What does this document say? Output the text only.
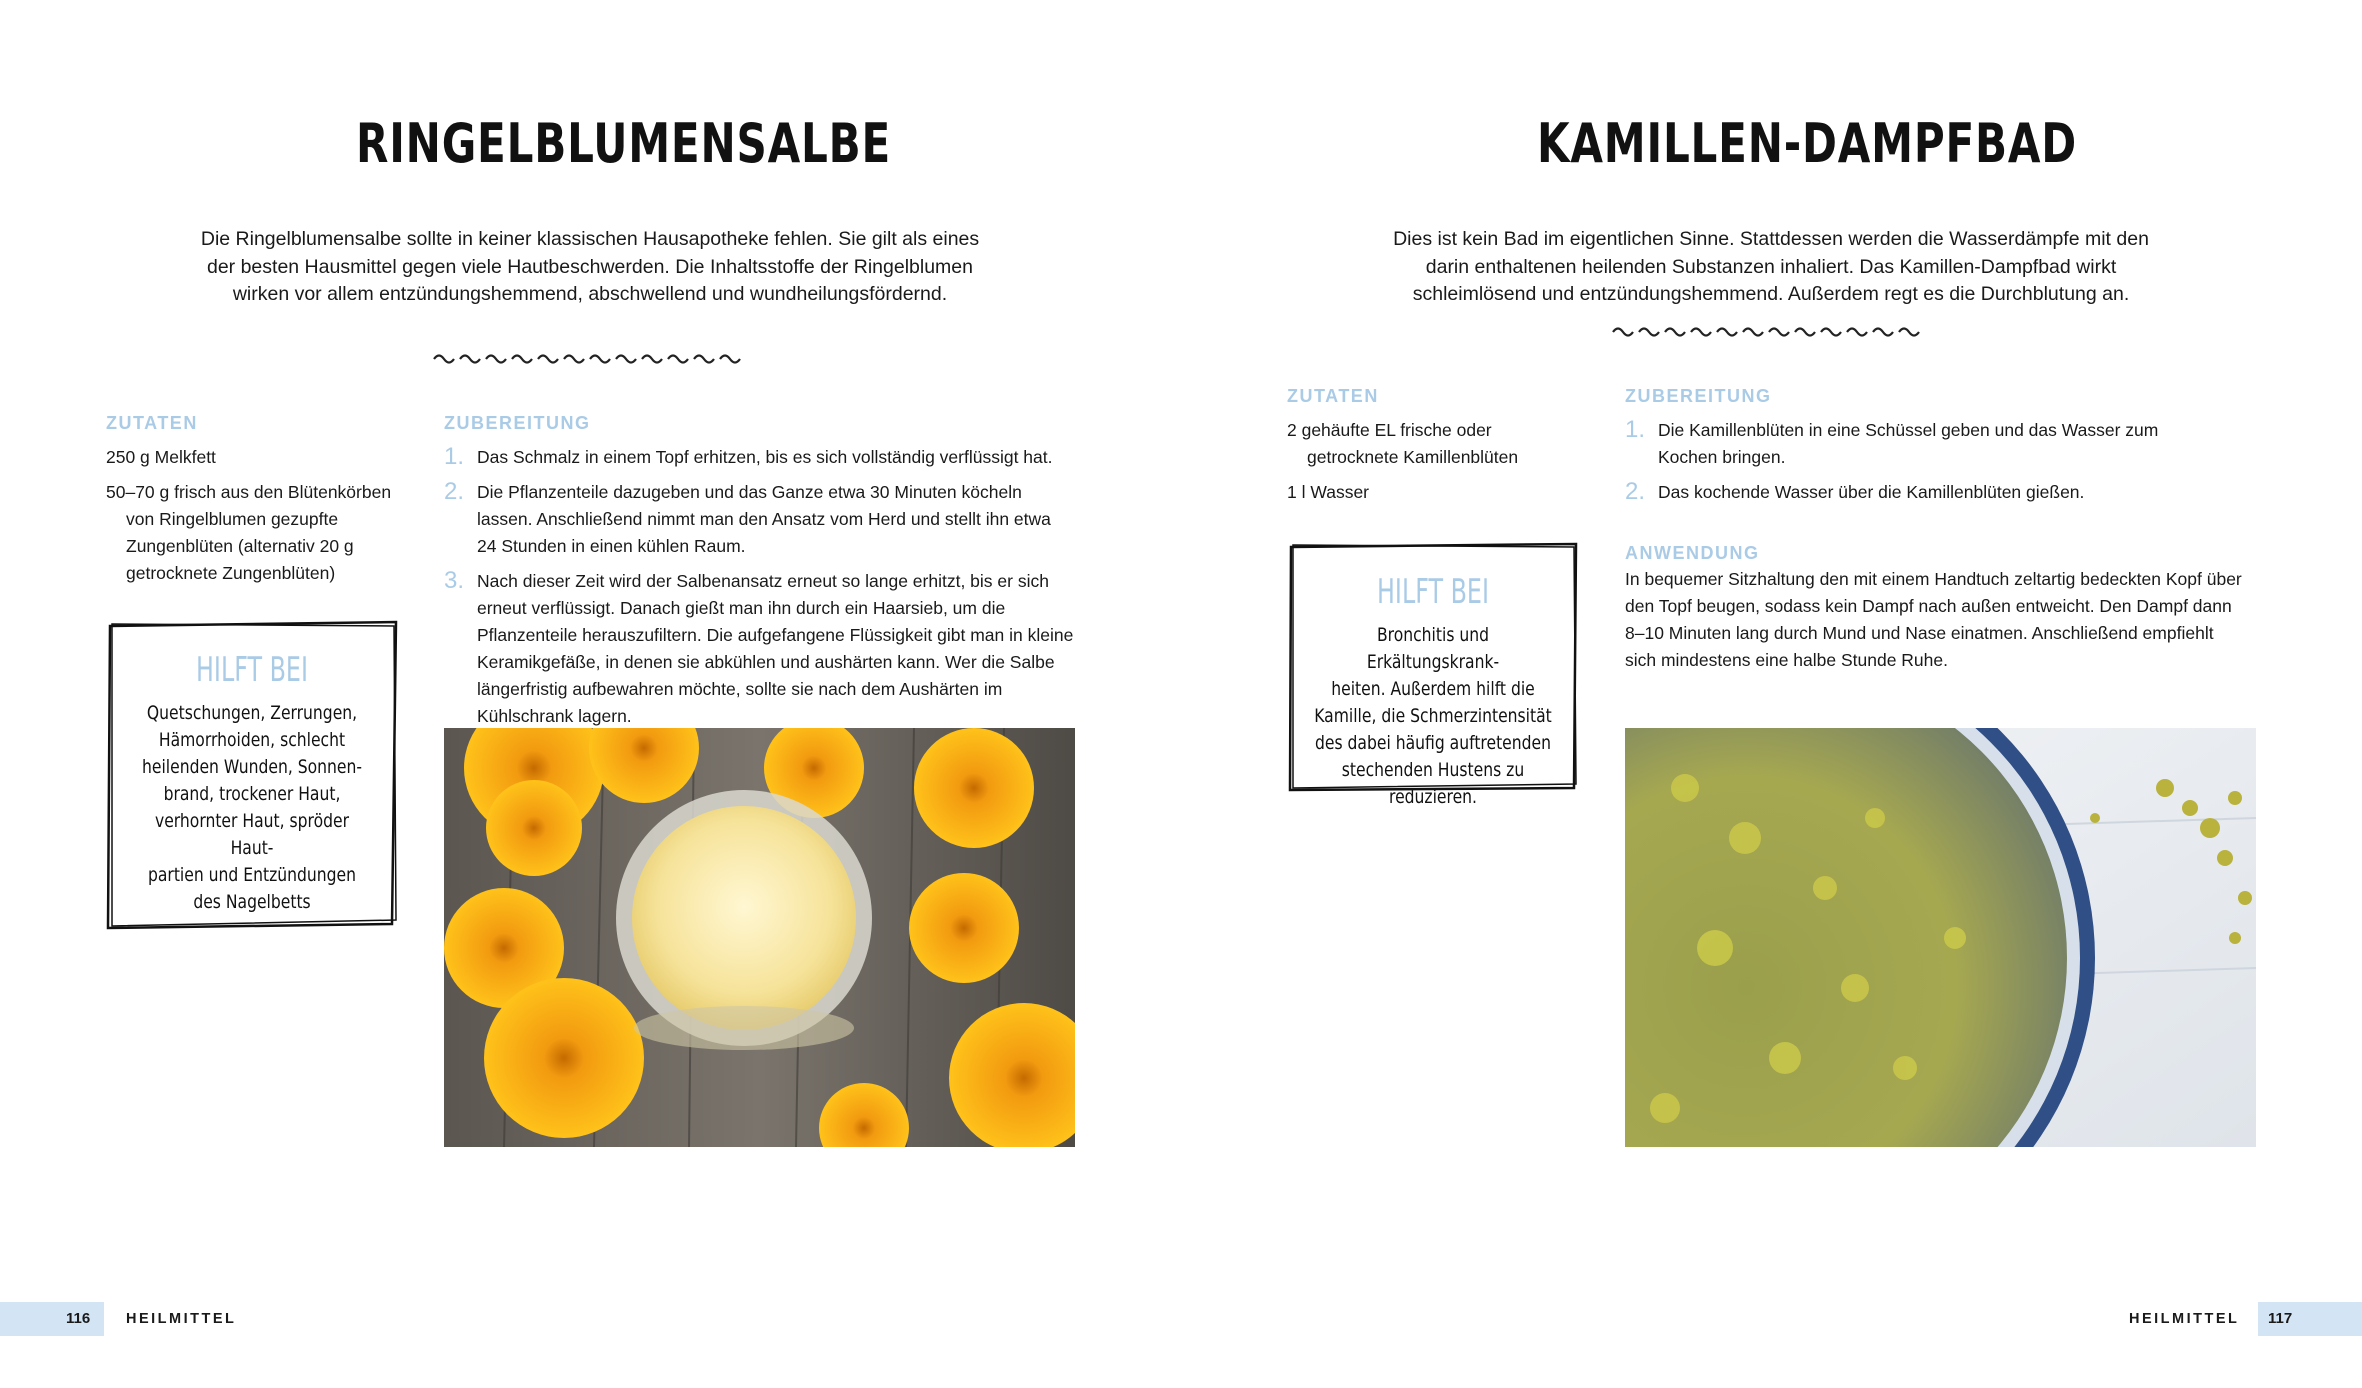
RINGELBLUMENSALBE
Die Ringelblumensalbe sollte in keiner klassischen Hausapotheke fehlen. Sie gilt als eines
der besten Hausmittel gegen viele Hautbeschwerden. Die Inhaltsstoffe der Ringelblumen
wirken vor allem entzündungshemmend, abschwellend und wundheilungsfördernd.
ZUTATEN
250 g Melkfett
50–70 g frisch aus den Blütenkörben von Ringelblumen gezupfte Zungenblüten (alternativ 20 g getrocknete Zungenblüten)
HILFT BEI
Quetschungen, Zerrungen,
Hämorrhoiden, schlecht
heilenden Wunden, Sonnen-
brand, trockener Haut,
verhornter Haut, spröder Haut-
partien und Entzündungen
des Nagelbetts
ZUBEREITUNG
1. Das Schmalz in einem Topf erhitzen, bis es sich vollständig verflüssigt hat.
2. Die Pflanzenteile dazugeben und das Ganze etwa 30 Minuten köcheln lassen. Anschließend nimmt man den Ansatz vom Herd und stellt ihn etwa 24 Stunden in einen kühlen Raum.
3. Nach dieser Zeit wird der Salbenansatz erneut so lange erhitzt, bis er sich erneut verflüssigt. Danach gießt man ihn durch ein Haarsieb, um die Pflanzenteile herauszufiltern. Die aufgefangene Flüssigkeit gibt man in kleine Keramikgefäße, in denen sie abkühlen und aushärten kann. Wer die Salbe längerfristig aufbewahren möchte, sollte sie nach dem Aushärten im Kühlschrank lagern.
116 HEILMITTEL
KAMILLEN-DAMPFBAD
Dies ist kein Bad im eigentlichen Sinne. Stattdessen werden die Wasserdämpfe mit den
darin enthaltenen heilenden Substanzen inhaliert. Das Kamillen-Dampfbad wirkt
schleimlösend und entzündungshemmend. Außerdem regt es die Durchblutung an.
ZUTATEN
2 gehäufte EL frische oder getrocknete Kamillenblüten
1 l Wasser
HILFT BEI
Bronchitis und Erkältungskrank-
heiten. Außerdem hilft die
Kamille, die Schmerzintensität
des dabei häufig auftretenden
stechenden Hustens zu reduzieren.
ZUBEREITUNG
1. Die Kamillenblüten in eine Schüssel geben und das Wasser zum Kochen bringen.
2. Das kochende Wasser über die Kamillenblüten gießen.
ANWENDUNG
In bequemer Sitzhaltung den mit einem Handtuch zeltartig bedeckten Kopf über den Topf beugen, sodass kein Dampf nach außen entweicht. Den Dampf dann 8–10 Minuten lang durch Mund und Nase einatmen. Anschließend empfiehlt sich mindestens eine halbe Stunde Ruhe.
HEILMITTEL 117
